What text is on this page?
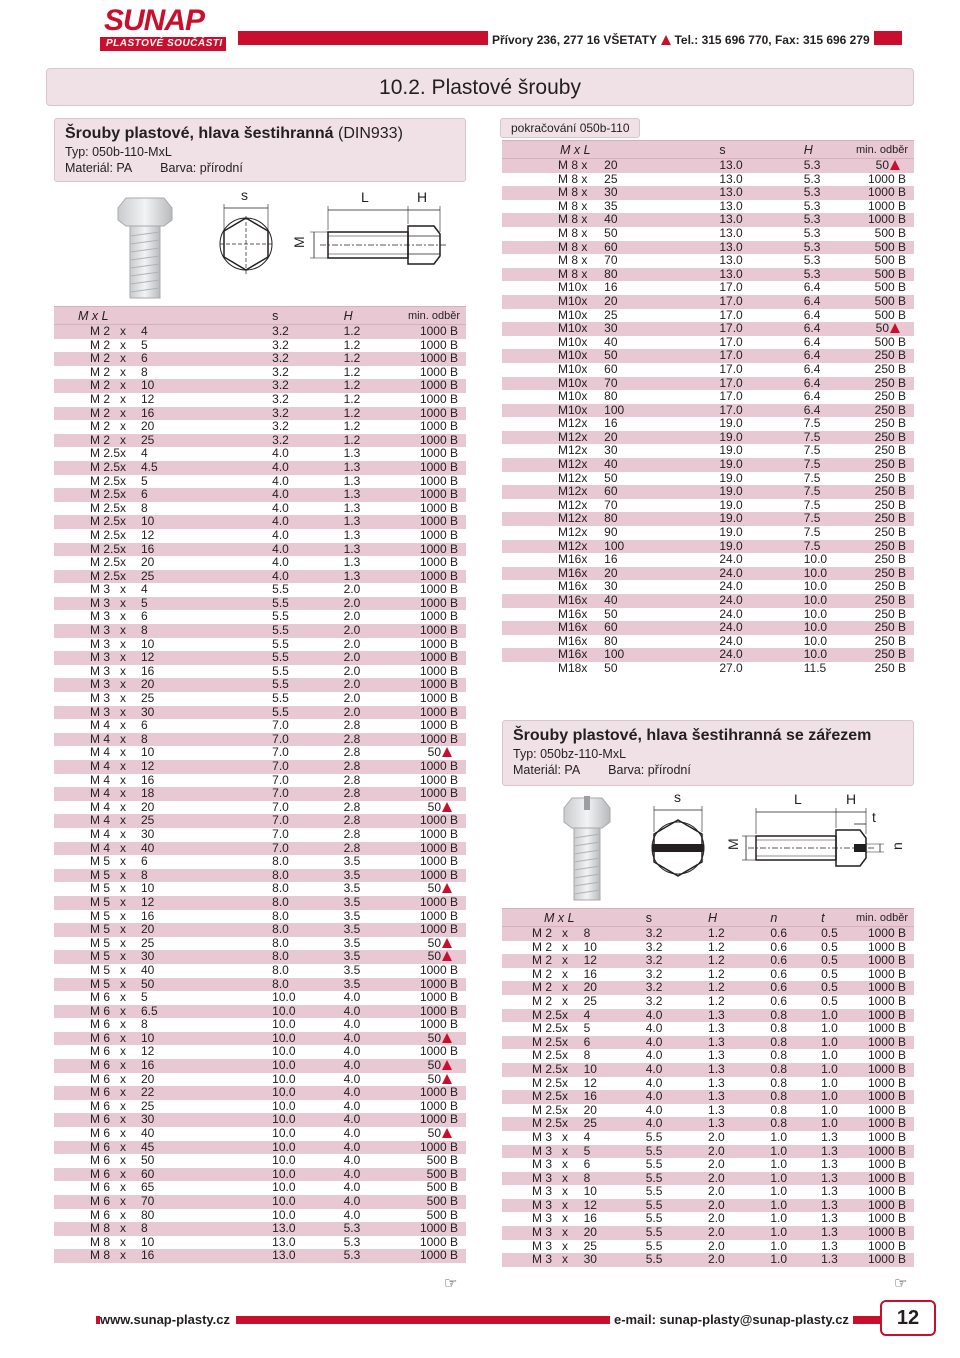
SUNAP
PLASTOVÉ SOUČÁSTI	Přívory 236, 277 16 VŠETATY Tel.: 315 696 770, Fax: 315 696 279
10.2. Plastové šrouby
Šrouby plastové, hlava šestihranná (DIN933)
Typ: 050b-110-MxL
Materiál: PA Barva: přírodní
s	L	H
M
M x L			s	H	min. odběr
M 2	x	4	3.2	1.2	1000 B
M 2	x	5	3.2	1.2	1000 B
M 2	x	6	3.2	1.2	1000 B
M 2	x	8	3.2	1.2	1000 B
M 2	x	10	3.2	1.2	1000 B
M 2	x	12	3.2	1.2	1000 B
M 2	x	16	3.2	1.2	1000 B
M 2	x	20	3.2	1.2	1000 B
M 2	x	25	3.2	1.2	1000 B
M 2.5	x	4	4.0	1.3	1000 B
M 2.5	x	4.5	4.0	1.3	1000 B
M 2.5	x	5	4.0	1.3	1000 B
M 2.5	x	6	4.0	1.3	1000 B
M 2.5	x	8	4.0	1.3	1000 B
M 2.5	x	10	4.0	1.3	1000 B
M 2.5	x	12	4.0	1.3	1000 B
M 2.5	x	16	4.0	1.3	1000 B
M 2.5	x	20	4.0	1.3	1000 B
M 2.5	x	25	4.0	1.3	1000 B
M 3	x	4	5.5	2.0	1000 B
M 3	x	5	5.5	2.0	1000 B
M 3	x	6	5.5	2.0	1000 B
M 3	x	8	5.5	2.0	1000 B
M 3	x	10	5.5	2.0	1000 B
M 3	x	12	5.5	2.0	1000 B
M 3	x	16	5.5	2.0	1000 B
M 3	x	20	5.5	2.0	1000 B
M 3	x	25	5.5	2.0	1000 B
M 3	x	30	5.5	2.0	1000 B
M 4	x	6	7.0	2.8	1000 B
M 4	x	8	7.0	2.8	1000 B
M 4	x	10	7.0	2.8	50
M 4	x	12	7.0	2.8	1000 B
M 4	x	16	7.0	2.8	1000 B
M 4	x	18	7.0	2.8	1000 B
M 4	x	20	7.0	2.8	50
M 4	x	25	7.0	2.8	1000 B
M 4	x	30	7.0	2.8	1000 B
M 4	x	40	7.0	2.8	1000 B
M 5	x	6	8.0	3.5	1000 B
M 5	x	8	8.0	3.5	1000 B
M 5	x	10	8.0	3.5	50
M 5	x	12	8.0	3.5	1000 B
M 5	x	16	8.0	3.5	1000 B
M 5	x	20	8.0	3.5	1000 B
M 5	x	25	8.0	3.5	50
M 5	x	30	8.0	3.5	50
M 5	x	40	8.0	3.5	1000 B
M 5	x	50	8.0	3.5	1000 B
M 6	x	5	10.0	4.0	1000 B
M 6	x	6.5	10.0	4.0	1000 B
M 6	x	8	10.0	4.0	1000 B
M 6	x	10	10.0	4.0	50
M 6	x	12	10.0	4.0	1000 B
M 6	x	16	10.0	4.0	50
M 6	x	20	10.0	4.0	50
M 6	x	22	10.0	4.0	1000 B
M 6	x	25	10.0	4.0	1000 B
M 6	x	30	10.0	4.0	1000 B
M 6	x	40	10.0	4.0	50
M 6	x	45	10.0	4.0	1000 B
M 6	x	50	10.0	4.0	500 B
M 6	x	60	10.0	4.0	500 B
M 6	x	65	10.0	4.0	500 B
M 6	x	70	10.0	4.0	500 B
M 6	x	80	10.0	4.0	500 B
M 8	x	8	13.0	5.3	1000 B
M 8	x	10	13.0	5.3	1000 B
M 8	x	16	13.0	5.3	1000 B
pokračování 050b-110
M x L			s	H	min. odběr
M 8	x	20	13.0	5.3	50
M 8	x	25	13.0	5.3	1000 B
M 8	x	30	13.0	5.3	1000 B
M 8	x	35	13.0	5.3	1000 B
M 8	x	40	13.0	5.3	1000 B
M 8	x	50	13.0	5.3	500 B
M 8	x	60	13.0	5.3	500 B
M 8	x	70	13.0	5.3	500 B
M 8	x	80	13.0	5.3	500 B
M10	x	16	17.0	6.4	500 B
M10	x	20	17.0	6.4	500 B
M10	x	25	17.0	6.4	500 B
M10	x	30	17.0	6.4	50
M10	x	40	17.0	6.4	500 B
M10	x	50	17.0	6.4	250 B
M10	x	60	17.0	6.4	250 B
M10	x	70	17.0	6.4	250 B
M10	x	80	17.0	6.4	250 B
M10	x	100	17.0	6.4	250 B
M12	x	16	19.0	7.5	250 B
M12	x	20	19.0	7.5	250 B
M12	x	30	19.0	7.5	250 B
M12	x	40	19.0	7.5	250 B
M12	x	50	19.0	7.5	250 B
M12	x	60	19.0	7.5	250 B
M12	x	70	19.0	7.5	250 B
M12	x	80	19.0	7.5	250 B
M12	x	90	19.0	7.5	250 B
M12	x	100	19.0	7.5	250 B
M16	x	16	24.0	10.0	250 B
M16	x	20	24.0	10.0	250 B
M16	x	30	24.0	10.0	250 B
M16	x	40	24.0	10.0	250 B
M16	x	50	24.0	10.0	250 B
M16	x	60	24.0	10.0	250 B
M16	x	80	24.0	10.0	250 B
M16	x	100	24.0	10.0	250 B
M18	x	50	27.0	11.5	250 B
Šrouby plastové, hlava šestihranná se zářezem
Typ: 050bz-110-MxL
Materiál: PA Barva: přírodní
s	L	H
t
M	n
M x L			s	H	n	t	min. odběr
M 2	x	8	3.2	1.2	0.6	0.5	1000 B
M 2	x	10	3.2	1.2	0.6	0.5	1000 B
M 2	x	12	3.2	1.2	0.6	0.5	1000 B
M 2	x	16	3.2	1.2	0.6	0.5	1000 B
M 2	x	20	3.2	1.2	0.6	0.5	1000 B
M 2	x	25	3.2	1.2	0.6	0.5	1000 B
M 2.5	x	4	4.0	1.3	0.8	1.0	1000 B
M 2.5	x	5	4.0	1.3	0.8	1.0	1000 B
M 2.5	x	6	4.0	1.3	0.8	1.0	1000 B
M 2.5	x	8	4.0	1.3	0.8	1.0	1000 B
M 2.5	x	10	4.0	1.3	0.8	1.0	1000 B
M 2.5	x	12	4.0	1.3	0.8	1.0	1000 B
M 2.5	x	16	4.0	1.3	0.8	1.0	1000 B
M 2.5	x	20	4.0	1.3	0.8	1.0	1000 B
M 2.5	x	25	4.0	1.3	0.8	1.0	1000 B
M 3	x	4	5.5	2.0	1.0	1.3	1000 B
M 3	x	5	5.5	2.0	1.0	1.3	1000 B
M 3	x	6	5.5	2.0	1.0	1.3	1000 B
M 3	x	8	5.5	2.0	1.0	1.3	1000 B
M 3	x	10	5.5	2.0	1.0	1.3	1000 B
M 3	x	12	5.5	2.0	1.0	1.3	1000 B
M 3	x	16	5.5	2.0	1.0	1.3	1000 B
M 3	x	20	5.5	2.0	1.0	1.3	1000 B
M 3	x	25	5.5	2.0	1.0	1.3	1000 B
M 3	x	30	5.5	2.0	1.0	1.3	1000 B
☞	☞
www.sunap-plasty.cz	e-mail: sunap-plasty@sunap-plasty.cz	12
